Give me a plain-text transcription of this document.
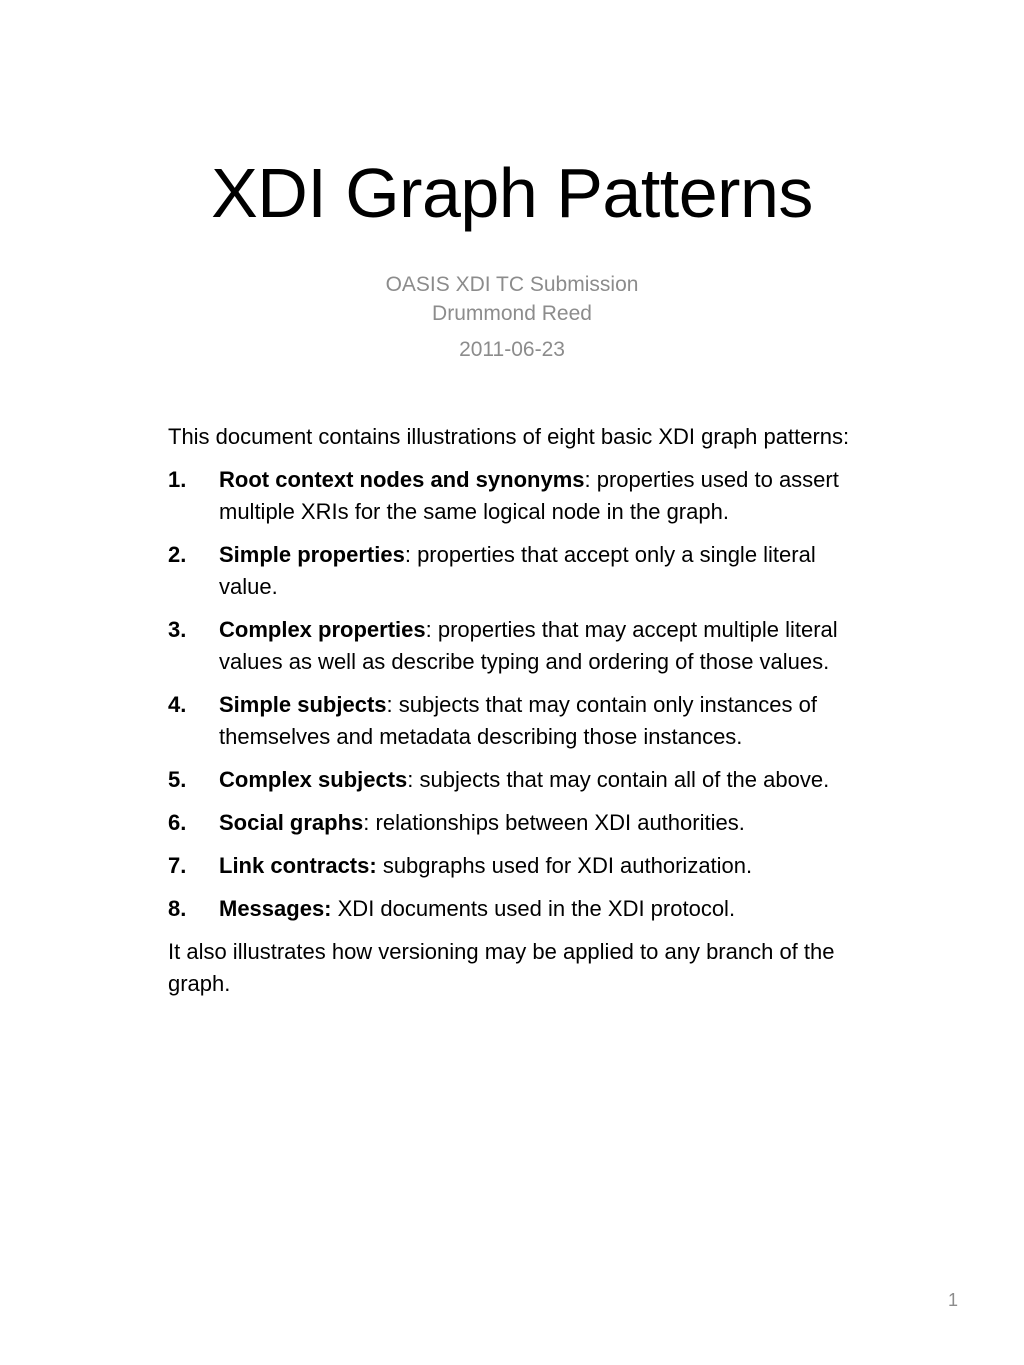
XDI Graph Patterns
OASIS XDI TC Submission
Drummond Reed
2011-06-23

This document contains illustrations of eight basic XDI graph patterns:

1.	Root context nodes and synonyms: properties used to assert multiple XRIs for the same logical node in the graph.
2.	Simple properties: properties that accept only a single literal value.
3.	Complex properties: properties that may accept multiple literal values as well as describe typing and ordering of those values.
4.	Simple subjects: subjects that may contain only instances of themselves and metadata describing those instances.
5.	Complex subjects: subjects that may contain all of the above.
6.	Social graphs: relationships between XDI authorities.
7.	Link contracts: subgraphs used for XDI authorization.
8.	Messages: XDI documents used in the XDI protocol.

It also illustrates how versioning may be applied to any branch of the graph.

1
